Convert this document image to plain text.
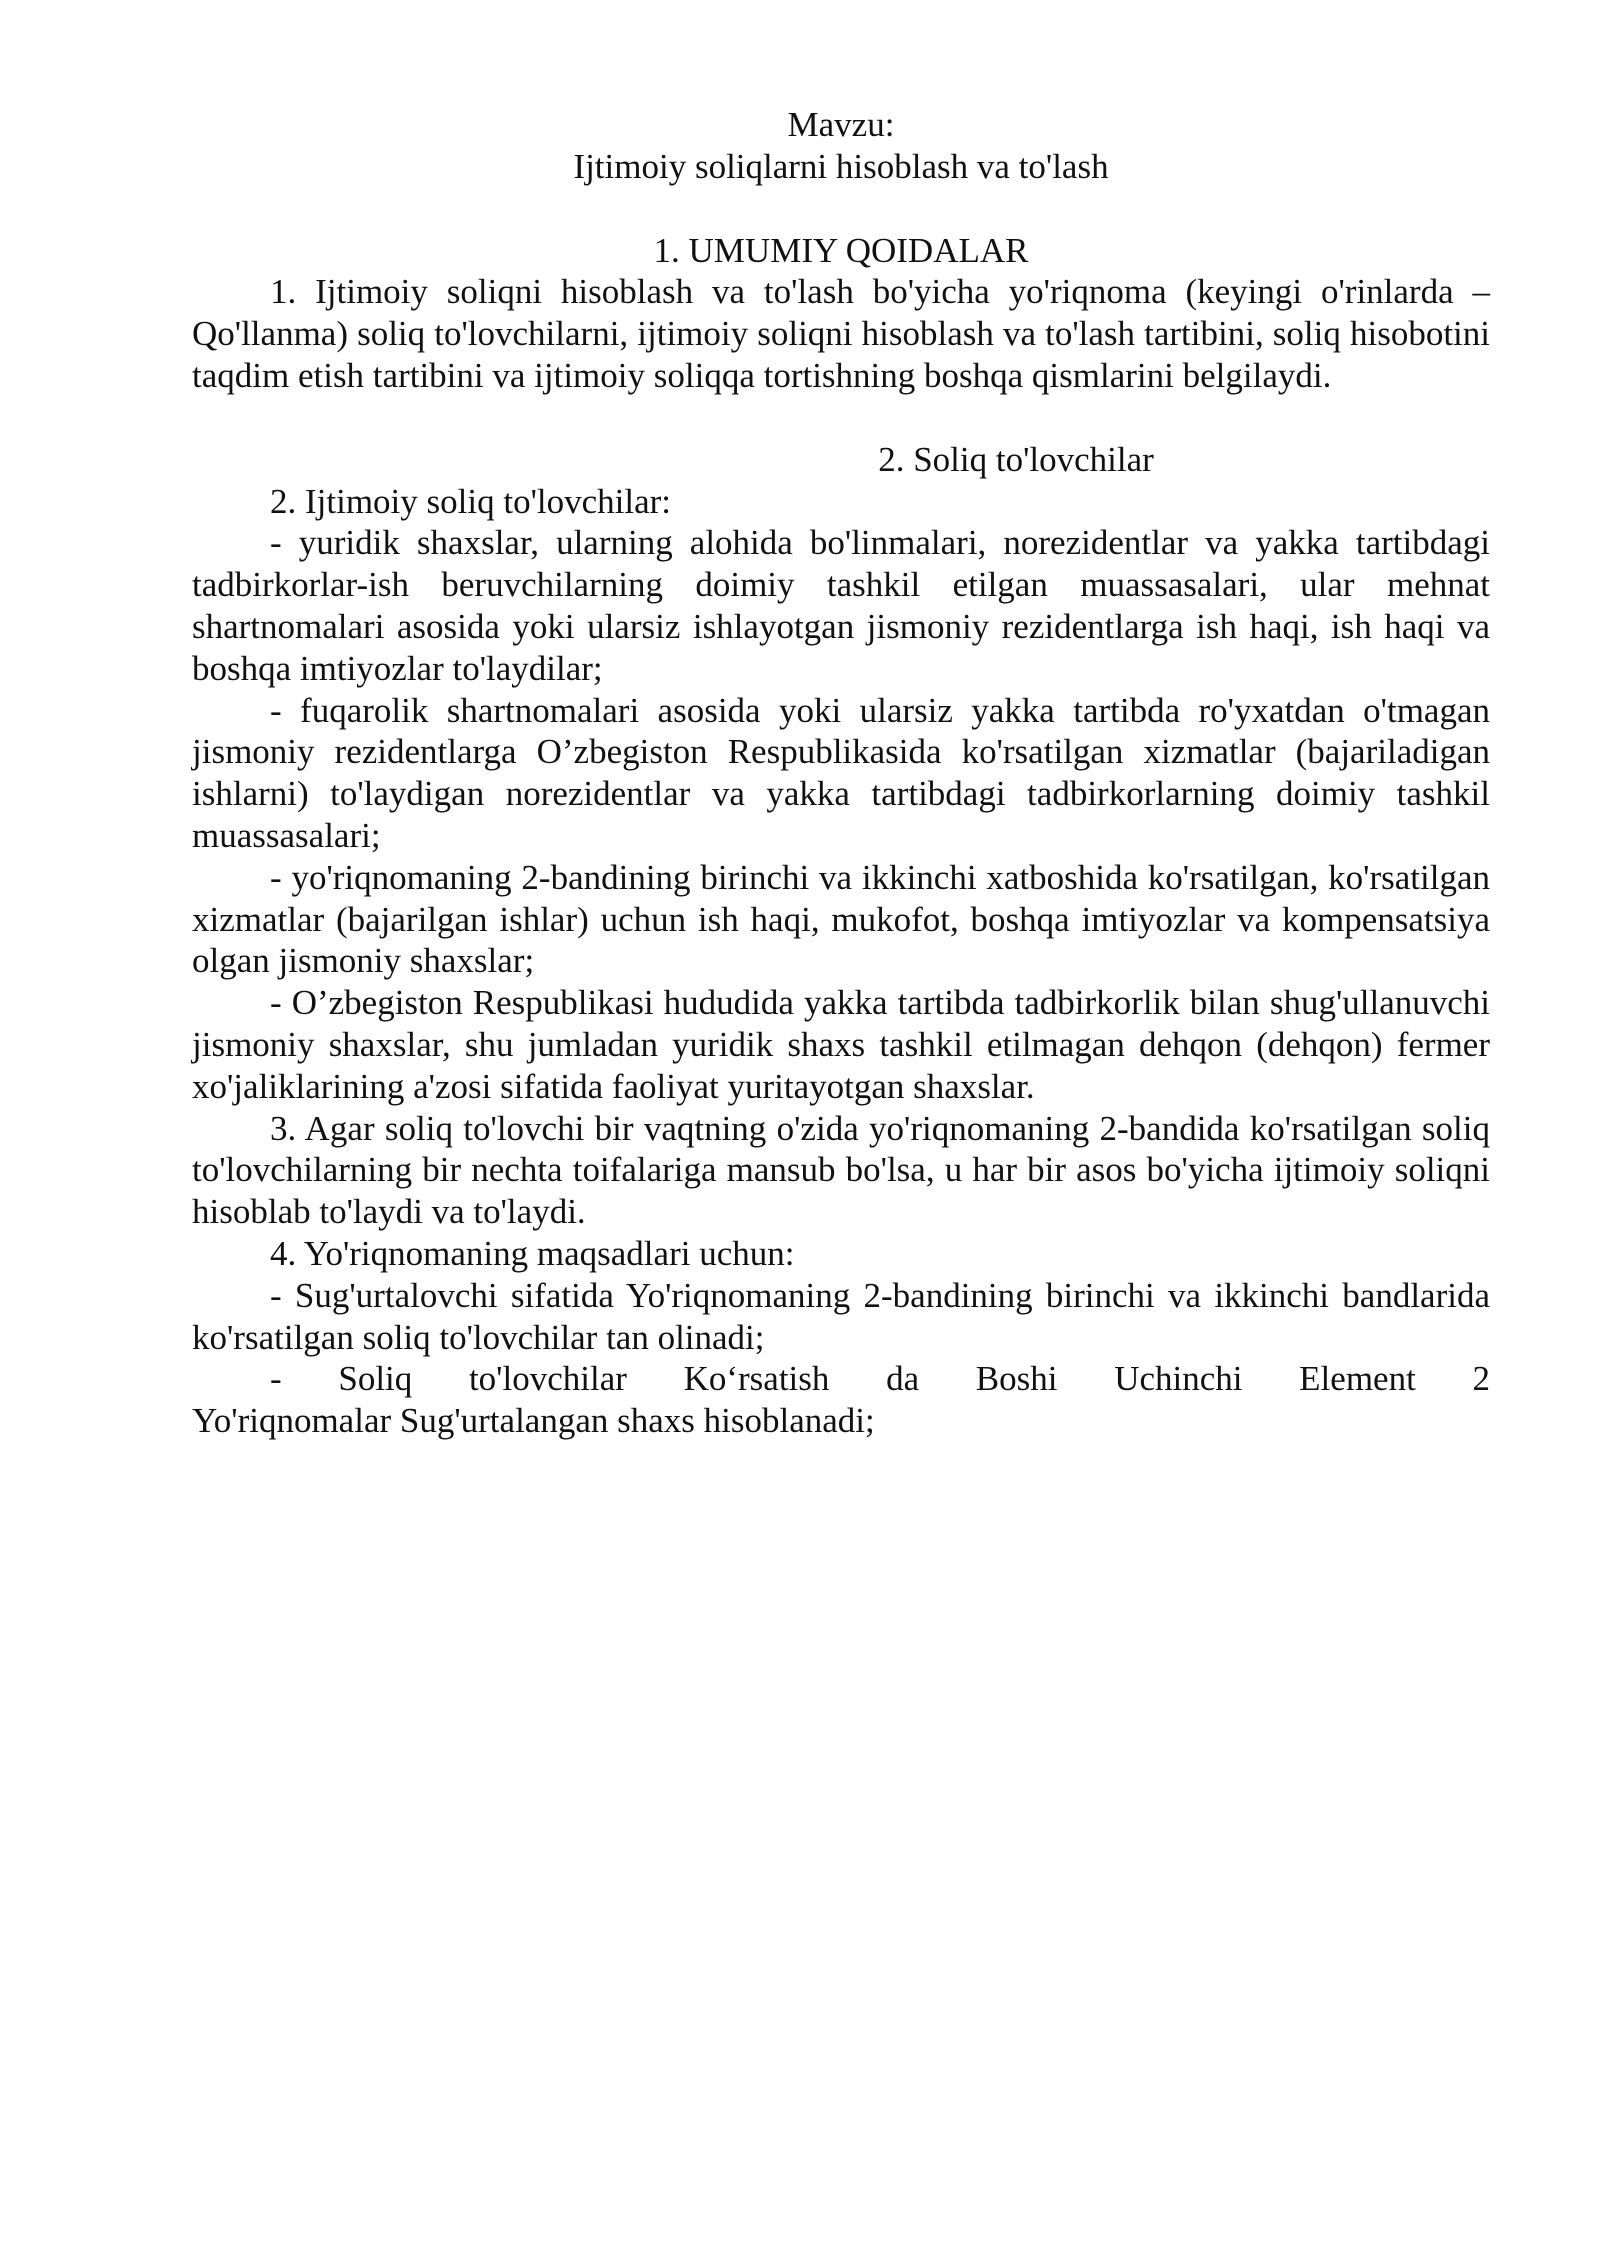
Mavzu:
Ijtimoiy soliqlarni hisoblash va to'lash
1. UMUMIY QOIDALAR

1. Ijtimoiy soliqni hisoblash va to'lash bo'yicha yo'riqnoma (keyingi o'rinlarda – Qo'llanma) soliq to'lovchilarni, ijtimoiy soliqni hisoblash va to'lash tartibini, soliq hisobotini taqdim etish tartibini va ijtimoiy soliqqa tortishning boshqa qismlarini belgilaydi.

2. Soliq to'lovchilar

2. Ijtimoiy soliq to'lovchilar:

- yuridik shaxslar, ularning alohida bo'linmalari, norezidentlar va yakka tartibdagi tadbirkorlar-ish beruvchilarning doimiy tashkil etilgan muassasalari, ular mehnat shartnomalari asosida yoki ularsiz ishlayotgan jismoniy rezidentlarga ish haqi, ish haqi va boshqa imtiyozlar to'laydilar;

- fuqarolik shartnomalari asosida yoki ularsiz yakka tartibda ro'yxatdan o'tmagan jismoniy rezidentlarga O’zbegiston Respublikasida ko'rsatilgan xizmatlar (bajariladigan ishlarni) to'laydigan norezidentlar va yakka tartibdagi tadbirkorlarning doimiy tashkil muassasalari;

- yo'riqnomaning 2-bandining birinchi va ikkinchi xatboshida ko'rsatilgan, ko'rsatilgan xizmatlar (bajarilgan ishlar) uchun ish haqi, mukofot, boshqa imtiyozlar va kompensatsiya olgan jismoniy shaxslar;

- O’zbegiston Respublikasi hududida yakka tartibda tadbirkorlik bilan shug'ullanuvchi jismoniy shaxslar, shu jumladan yuridik shaxs tashkil etilmagan dehqon (dehqon) fermer xo'jaliklarining a'zosi sifatida faoliyat yuritayotgan shaxslar.

3. Agar soliq to'lovchi bir vaqtning o'zida yo'riqnomaning 2-bandida ko'rsatilgan soliq to'lovchilarning bir nechta toifalariga mansub bo'lsa, u har bir asos bo'yicha ijtimoiy soliqni hisoblab to'laydi va to'laydi.

4. Yo'riqnomaning maqsadlari uchun:

- Sug'urtalovchi sifatida Yo'riqnomaning 2-bandining birinchi va ikkinchi bandlarida ko'rsatilgan soliq to'lovchilar tan olinadi;

- Soliq to'lovchilar Ko‘rsatish da Boshi Uchinchi Element 2

Yo'riqnomalar Sug'urtalangan shaxs hisoblanadi;
